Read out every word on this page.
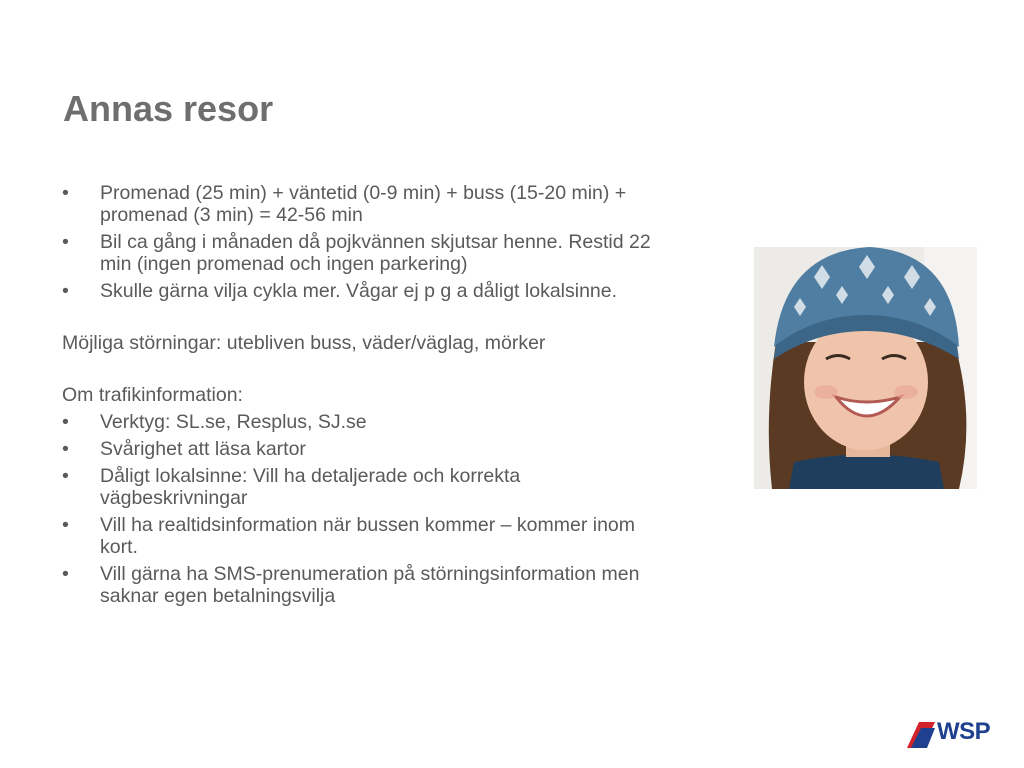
Annas resor
• Promenad (25 min) + väntetid (0-9 min) + buss (15-20 min) + promenad (3 min) = 42-56 min
• Bil ca gång i månaden då pojkvännen skjutsar henne. Restid 22 min (ingen promenad och ingen parkering)
• Skulle gärna vilja cykla mer. Vågar ej p g a dåligt lokalsinne.

Möjliga störningar: utebliven buss, väder/väglag, mörker

Om trafikinformation:

• Verktyg: SL.se, Resplus, SJ.se
• Svårighet att läsa kartor
• Dåligt lokalsinne: Vill ha detaljerade och korrekta vägbeskrivningar
• Vill ha realtidsinformation när bussen kommer – kommer inom kort.
• Vill gärna ha SMS-prenumeration på störningsinformation men saknar egen betalningsvilja
WSP
